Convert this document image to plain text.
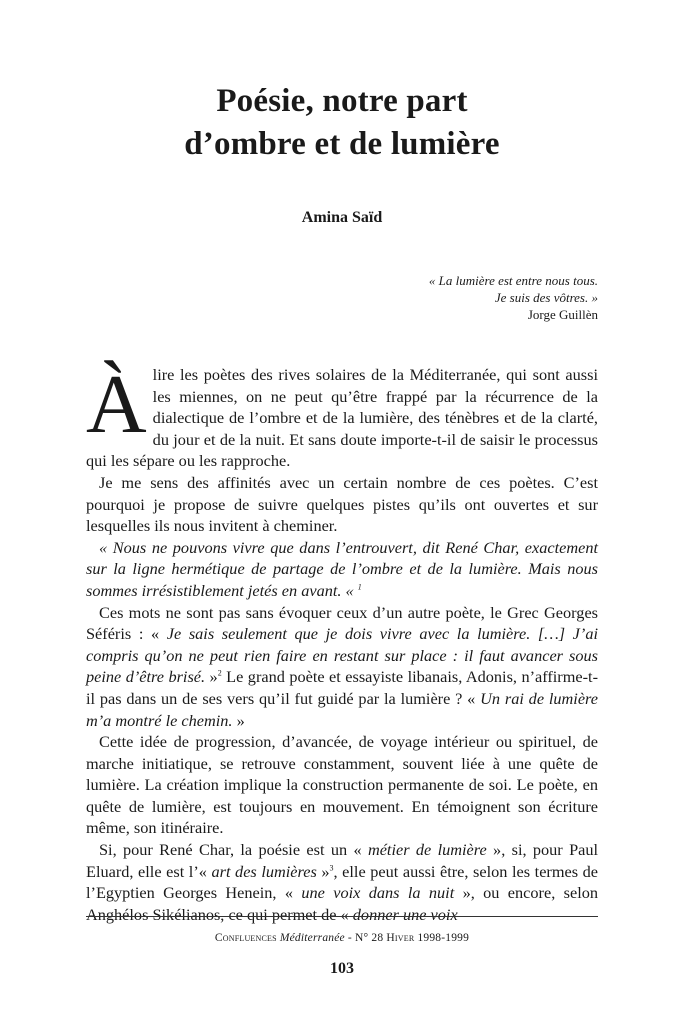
Poésie, notre part
d’ombre et de lumière
Amina Saïd
« La lumière est entre nous tous.
Je suis des vôtres. »
Jorge Guillèn

Àlire les poètes des rives solaires de la Méditerranée, qui sont aussi les miennes, on ne peut qu’être frappé par la récurrence de la dialectique de l’ombre et de la lumière, des ténèbres et de la clarté, du jour et de la nuit. Et sans doute importe-t-il de saisir le processus qui les sépare ou les rapproche.

Je me sens des affinités avec un certain nombre de ces poètes. C’est pourquoi je propose de suivre quelques pistes qu’ils ont ouvertes et sur lesquelles ils nous invitent à cheminer.

« Nous ne pouvons vivre que dans l’entrouvert, dit René Char, exactement sur la ligne hermétique de partage de l’ombre et de la lumière. Mais nous sommes irrésistiblement jetés en avant. « $^1$

Ces mots ne sont pas sans évoquer ceux d’un autre poète, le Grec Georges Séféris : « Je sais seulement que je dois vivre avec la lumière. […] J’ai compris qu’on ne peut rien faire en restant sur place : il faut avancer sous peine d’être brisé. »$^2$ Le grand poète et essayiste libanais, Adonis, n’affirme-t-il pas dans un de ses vers qu’il fut guidé par la lumière ? « Un rai de lumière m’a montré le chemin. »

Cette idée de progression, d’avancée, de voyage intérieur ou spirituel, de marche initiatique, se retrouve constamment, souvent liée à une quête de lumière. La création implique la construction permanente de soi. Le poète, en quête de lumière, est toujours en mouvement. En témoignent son écriture même, son itinéraire.

Si, pour René Char, la poésie est un « métier de lumière », si, pour Paul Eluard, elle est l’« art des lumières »$^3$, elle peut aussi être, selon les termes de l’Egyptien Georges Henein, « une voix dans la nuit », ou encore, selon Anghélos Sikélianos, ce qui permet de « donner une voix

Confluences Méditerranée - N° 28 Hiver 1998-1999
103
